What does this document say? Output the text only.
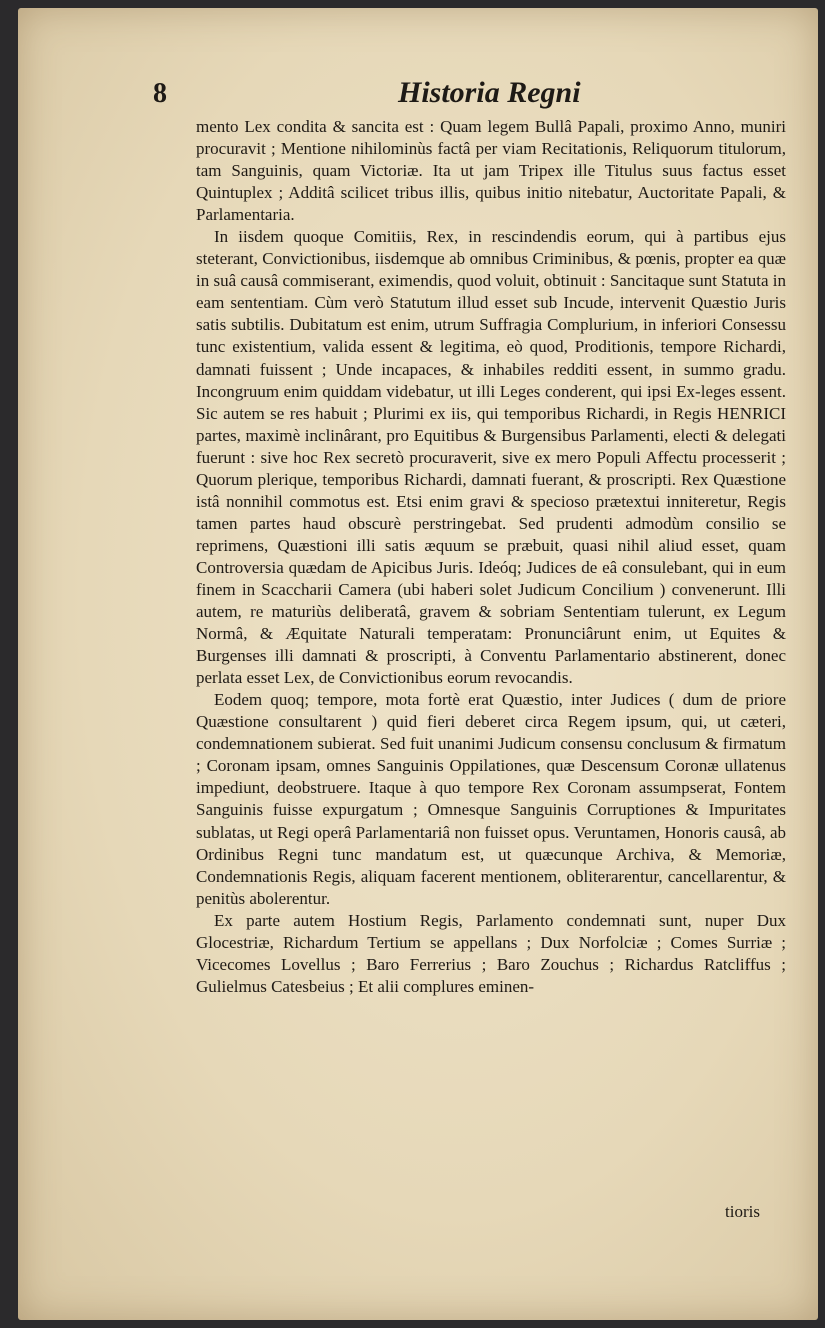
8	Historia Regni

mento Lex condita & sancita est : Quam legem Bullâ Papali, proximo Anno, muniri procuravit ; Mentione nihilominùs factâ per viam Recitationis, Reliquorum titulorum, tam Sanguinis, quam Victoriæ. Ita ut jam Tripex ille Titulus suus factus esset Quintuplex ; Additâ scilicet tribus illis, quibus initio nitebatur, Auctoritate Papali, & Parlamentaria.

In iisdem quoque Comitiis, Rex, in rescindendis eorum, qui à partibus ejus steterant, Convictionibus, iisdemque ab omnibus Criminibus, & pœnis, propter ea quæ in suâ causâ commiserant, eximendis, quod voluit, obtinuit : Sancitaque sunt Statuta in eam sententiam. Cùm verò Statutum illud esset sub Incude, intervenit Quæstio Juris satis subtilis. Dubitatum est enim, utrum Suffragia Complurium, in inferiori Consessu tunc existentium, valida essent & legitima, eò quod, Proditionis, tempore Richardi, damnati fuissent ; Unde incapaces, & inhabiles redditi essent, in summo gradu. Incongruum enim quiddam videbatur, ut illi Leges conderent, qui ipsi Ex-leges essent. Sic autem se res habuit ; Plurimi ex iis, qui temporibus Richardi, in Regis HENRICI partes, maximè inclinârant, pro Equitibus & Burgensibus Parlamenti, electi & delegati fuerunt : sive hoc Rex secretò procuraverit, sive ex mero Populi Affectu processerit ; Quorum plerique, temporibus Richardi, damnati fuerant, & proscripti. Rex Quæstione istâ nonnihil commotus est. Etsi enim gravi & specioso prætextui inniteretur, Regis tamen partes haud obscurè perstringebat. Sed prudenti admodùm consilio se reprimens, Quæstioni illi satis æquum se præbuit, quasi nihil aliud esset, quam Controversia quædam de Apicibus Juris. Ideóq; Judices de eâ consulebant, qui in eum finem in Scaccharii Camera (ubi haberi solet Judicum Concilium ) convenerunt. Illi autem, re maturiùs deliberatâ, gravem & sobriam Sententiam tulerunt, ex Legum Normâ, & Æquitate Naturali temperatam: Pronunciârunt enim, ut Equites & Burgenses illi damnati & proscripti, à Conventu Parlamentario abstinerent, donec perlata esset Lex, de Convictionibus eorum revocandis.

Eodem quoq; tempore, mota fortè erat Quæstio, inter Judices ( dum de priore Quæstione consultarent ) quid fieri deberet circa Regem ipsum, qui, ut cæteri, condemnationem subierat. Sed fuit unanimi Judicum consensu conclusum & firmatum ; Coronam ipsam, omnes Sanguinis Oppilationes, quæ Descensum Coronæ ullatenus impediunt, deobstruere. Itaque à quo tempore Rex Coronam assumpserat, Fontem Sanguinis fuisse expurgatum ; Omnesque Sanguinis Corruptiones & Impuritates sublatas, ut Regi operâ Parlamentariâ non fuisset opus. Veruntamen, Honoris causâ, ab Ordinibus Regni tunc mandatum est, ut quæcunque Archiva, & Memoriæ, Condemnationis Regis, aliquam facerent mentionem, obliterarentur, cancellarentur, & penitùs abolerentur.

Ex parte autem Hostium Regis, Parlamento condemnati sunt, nuper Dux Glocestriæ, Richardum Tertium se appellans ; Dux Norfolciæ ; Comes Surriæ ; Vicecomes Lovellus ; Baro Ferrerius ; Baro Zouchus ; Richardus Ratcliffus ; Gulielmus Catesbeius ; Et alii complures eminen-

tioris
